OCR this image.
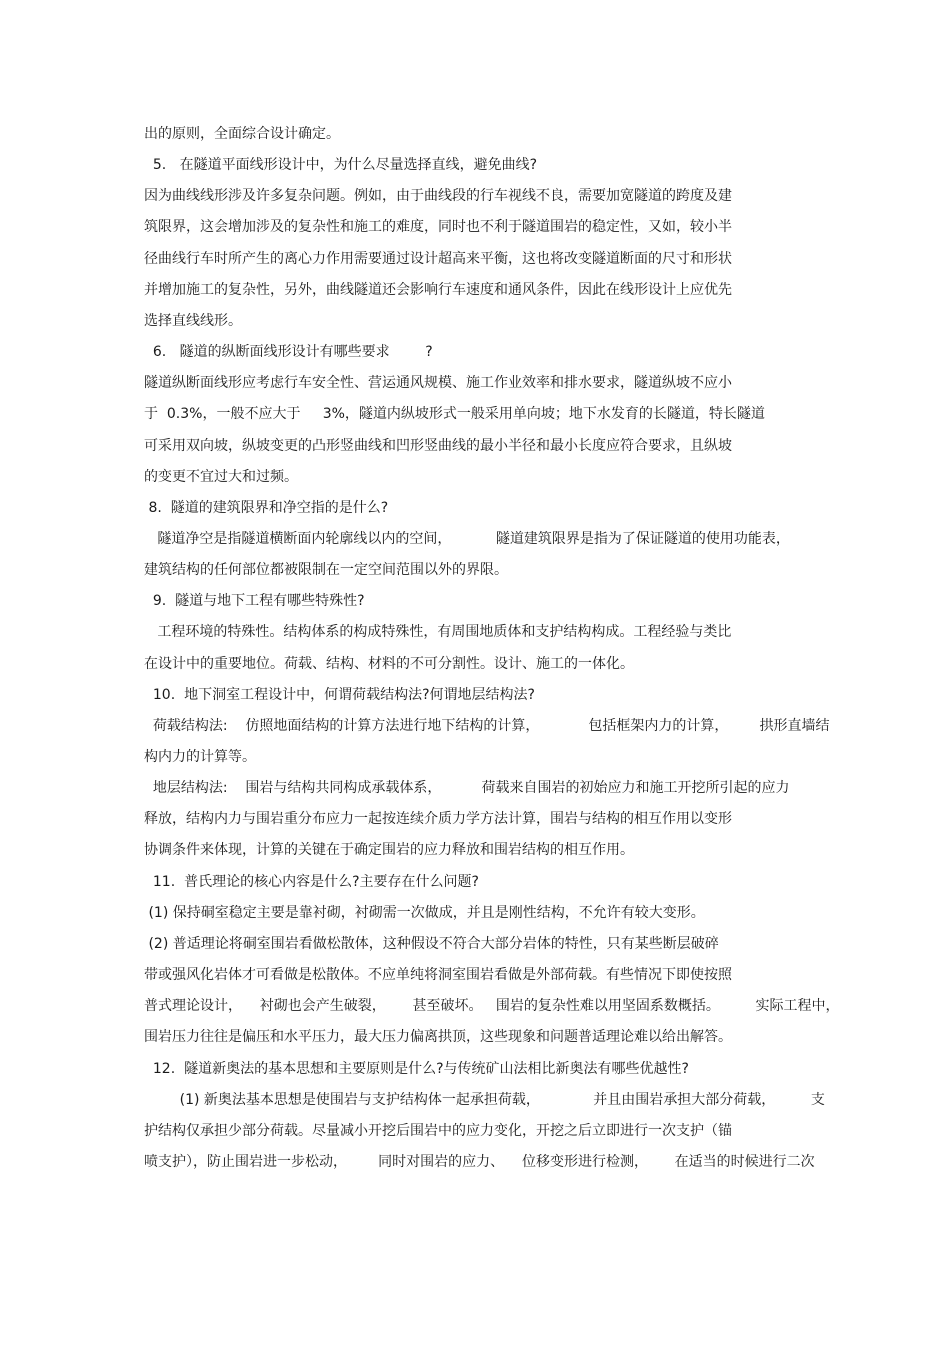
出的原则，全面综合设计确定。
5.   在隧道平面线形设计中，为什么尽量选择直线，避免曲线?
因为曲线线形涉及许多复杂问题。例如，由于曲线段的行车视线不良，需要加宽隧道的跨度及建
筑限界，这会增加涉及的复杂性和施工的难度，同时也不利于隧道围岩的稳定性，又如，较小半
径曲线行车时所产生的离心力作用需要通过设计超高来平衡，这也将改变隧道断面的尺寸和形状
并增加施工的复杂性，另外，曲线隧道还会影响行车速度和通风条件，因此在线形设计上应优先
选择直线线形。
6.   隧道的纵断面线形设计有哪些要求        ?
隧道纵断面线形应考虑行车安全性、营运通风规模、施工作业效率和排水要求，隧道纵坡不应小
于  0.3%，一般不应大于     3%，隧道内纵坡形式一般采用单向坡；地下水发育的长隧道，特长隧道
可采用双向坡，纵坡变更的凸形竖曲线和凹形竖曲线的最小半径和最小长度应符合要求，且纵坡
的变更不宜过大和过频。
8.  隧道的建筑限界和净空指的是什么?
隧道净空是指隧道横断面内轮廓线以内的空间，          隧道建筑限界是指为了保证隧道的使用功能表，
建筑结构的任何部位都被限制在一定空间范围以外的界限。
9.  隧道与地下工程有哪些特殊性?
工程环境的特殊性。结构体系的构成特殊性，有周围地质体和支护结构构成。工程经验与类比
在设计中的重要地位。荷载、结构、材料的不可分割性。设计、施工的一体化。
10.  地下洞室工程设计中，何谓荷载结构法?何谓地层结构法?
荷载结构法:    仿照地面结构的计算方法进行地下结构的计算，           包括框架内力的计算，       拱形直墙结
构内力的计算等。
地层结构法:    围岩与结构共同构成承载体系，         荷载来自围岩的初始应力和施工开挖所引起的应力
释放，结构内力与围岩重分布应力一起按连续介质力学方法计算，围岩与结构的相互作用以变形
协调条件来体现，计算的关键在于确定围岩的应力释放和围岩结构的相互作用。
11.  普氏理论的核心内容是什么?主要存在什么问题?
(1) 保持硐室稳定主要是靠衬砌，衬砌需一次做成，并且是刚性结构，不允许有较大变形。
(2) 普适理论将硐室围岩看做松散体，这种假设不符合大部分岩体的特性，只有某些断层破碎
带或强风化岩体才可看做是松散体。不应单纯将洞室围岩看做是外部荷载。有些情况下即使按照
普式理论设计，    衬砌也会产生破裂，      甚至破坏。   围岩的复杂性难以用坚固系数概括。        实际工程中，
围岩压力往往是偏压和水平压力，最大压力偏离拱顶，这些现象和问题普适理论难以给出解答。
12.  隧道新奥法的基本思想和主要原则是什么?与传统矿山法相比新奥法有哪些优越性?
(1) 新奥法基本思想是使围岩与支护结构体一起承担荷载，            并且由围岩承担大部分荷载，        支
护结构仅承担少部分荷载。尽量减小开挖后围岩中的应力变化，开挖之后立即进行一次支护（锚
喷支护），防止围岩进一步松动，       同时对围岩的应力、    位移变形进行检测，      在适当的时候进行二次
